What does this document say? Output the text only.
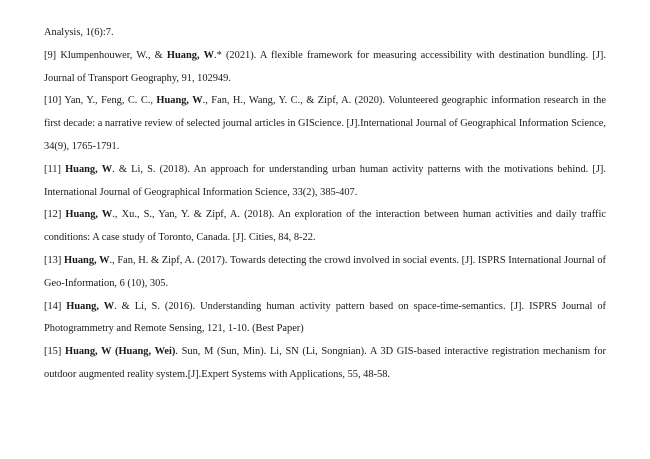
Analysis, 1(6):7.

[9] Klumpenhouwer, W., & Huang, W.* (2021). A flexible framework for measuring accessibility with destination bundling. [J]. Journal of Transport Geography, 91, 102949.

[10] Yan, Y., Feng, C. C., Huang, W., Fan, H., Wang, Y. C., & Zipf, A. (2020). Volunteered geographic information research in the first decade: a narrative review of selected journal articles in GIScience. [J].International Journal of Geographical Information Science, 34(9), 1765-1791.

[11] Huang, W. & Li, S. (2018). An approach for understanding urban human activity patterns with the motivations behind. [J]. International Journal of Geographical Information Science, 33(2), 385-407.

[12] Huang, W., Xu., S., Yan, Y. & Zipf, A. (2018). An exploration of the interaction between human activities and daily traffic conditions: A case study of Toronto, Canada. [J]. Cities, 84, 8-22.

[13] Huang, W., Fan, H. & Zipf, A. (2017). Towards detecting the crowd involved in social events. [J]. ISPRS International Journal of Geo-Information, 6 (10), 305.

[14] Huang, W. & Li, S. (2016). Understanding human activity pattern based on space-time-semantics. [J]. ISPRS Journal of Photogrammetry and Remote Sensing, 121, 1-10. (Best Paper)

[15] Huang, W (Huang, Wei). Sun, M (Sun, Min). Li, SN (Li, Songnian). A 3D GIS-based interactive registration mechanism for outdoor augmented reality system.[J].Expert Systems with Applications, 55, 48-58.
